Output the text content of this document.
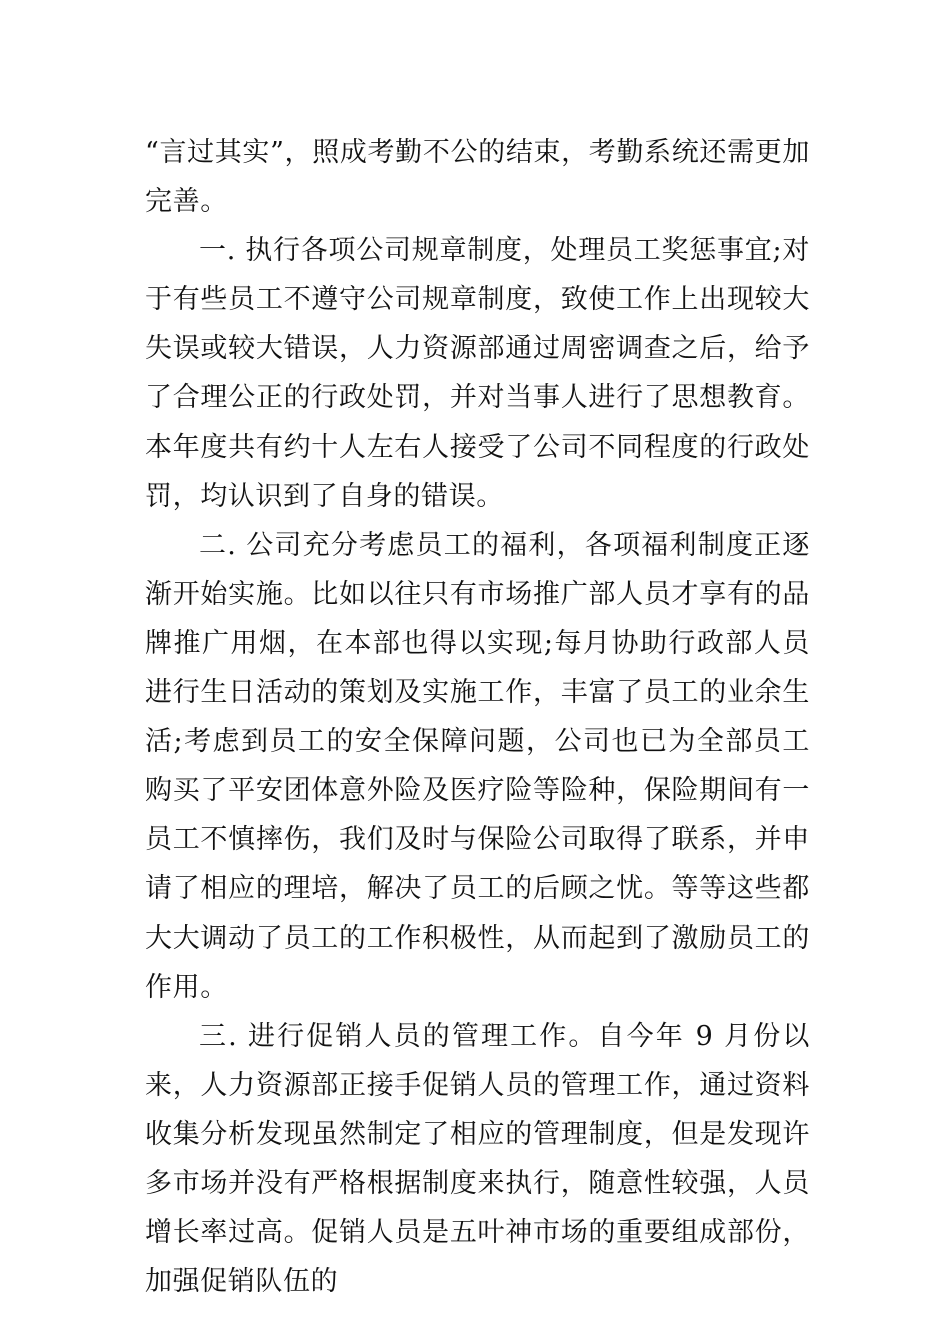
“言过其实”，照成考勤不公的结束，考勤系统还需更加完善。

一. 执行各项公司规章制度，处理员工奖惩事宜;对于有些员工不遵守公司规章制度，致使工作上出现较大失误或较大错误，人力资源部通过周密调查之后，给予了合理公正的行政处罚，并对当事人进行了思想教育。本年度共有约十人左右人接受了公司不同程度的行政处罚，均认识到了自身的错误。

二. 公司充分考虑员工的福利，各项福利制度正逐渐开始实施。比如以往只有市场推广部人员才享有的品牌推广用烟，在本部也得以实现;每月协助行政部人员进行生日活动的策划及实施工作，丰富了员工的业余生活;考虑到员工的安全保障问题，公司也已为全部员工购买了平安团体意外险及医疗险等险种，保险期间有一员工不慎摔伤，我们及时与保险公司取得了联系，并申请了相应的理培，解决了员工的后顾之忧。等等这些都大大调动了员工的工作积极性，从而起到了激励员工的作用。

三. 进行促销人员的管理工作。自今年 9 月份以来，人力资源部正接手促销人员的管理工作，通过资料收集分析发现虽然制定了相应的管理制度，但是发现许多市场并没有严格根据制度来执行，随意性较强，人员增长率过高。促销人员是五叶神市场的重要组成部份，加强促销队伍的
